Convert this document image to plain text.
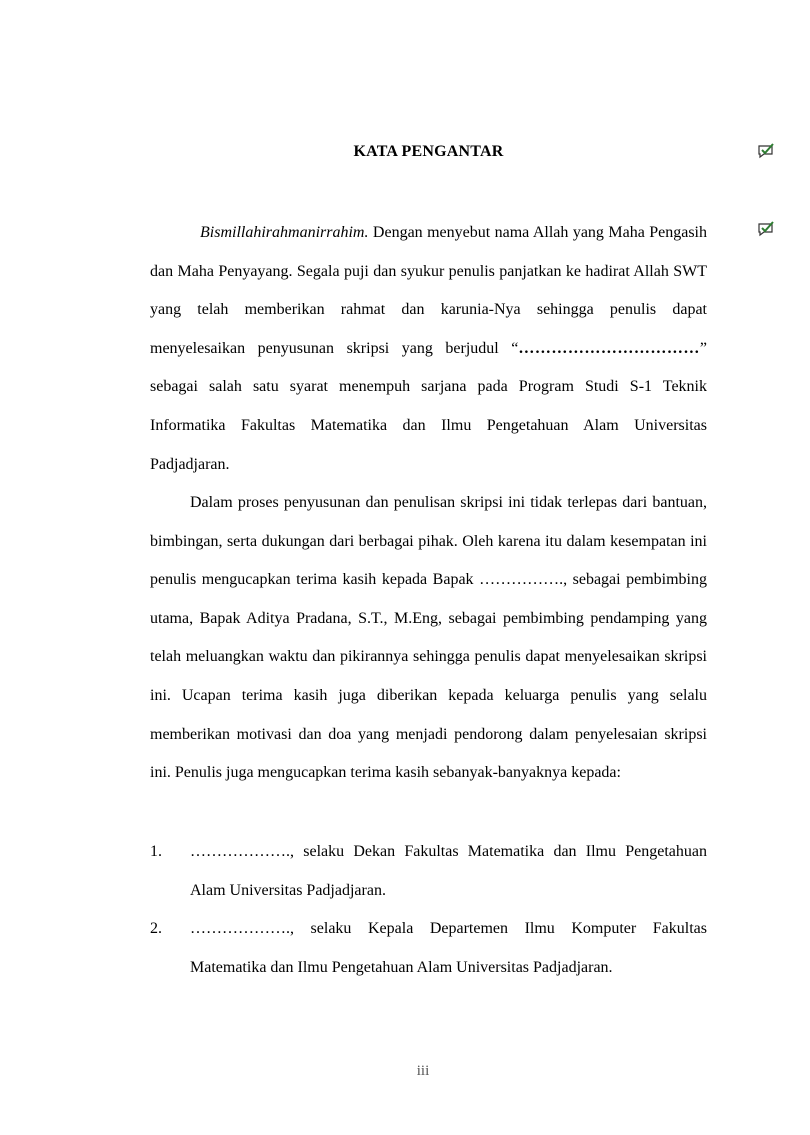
KATA PENGANTAR

Bismillahirahmanirrahim. Dengan menyebut nama Allah yang Maha Pengasih dan Maha Penyayang. Segala puji dan syukur penulis panjatkan ke hadirat Allah SWT yang telah memberikan rahmat dan karunia-Nya sehingga penulis dapat menyelesaikan penyusunan skripsi yang berjudul “……………………………” sebagai salah satu syarat menempuh sarjana pada Program Studi S-1 Teknik Informatika Fakultas Matematika dan Ilmu Pengetahuan Alam Universitas Padjadjaran.

Dalam proses penyusunan dan penulisan skripsi ini tidak terlepas dari bantuan, bimbingan, serta dukungan dari berbagai pihak. Oleh karena itu dalam kesempatan ini penulis mengucapkan terima kasih kepada Bapak ……………., sebagai pembimbing utama, Bapak Aditya Pradana, S.T., M.Eng, sebagai pembimbing pendamping yang telah meluangkan waktu dan pikirannya sehingga penulis dapat menyelesaikan skripsi ini. Ucapan terima kasih juga diberikan kepada keluarga penulis yang selalu memberikan motivasi dan doa yang menjadi pendorong dalam penyelesaian skripsi ini. Penulis juga mengucapkan terima kasih sebanyak-banyaknya kepada:

1. ………………., selaku Dekan Fakultas Matematika dan Ilmu Pengetahuan Alam Universitas Padjadjaran.
2. ………………., selaku Kepala Departemen Ilmu Komputer Fakultas Matematika dan Ilmu Pengetahuan Alam Universitas Padjadjaran.
iii
